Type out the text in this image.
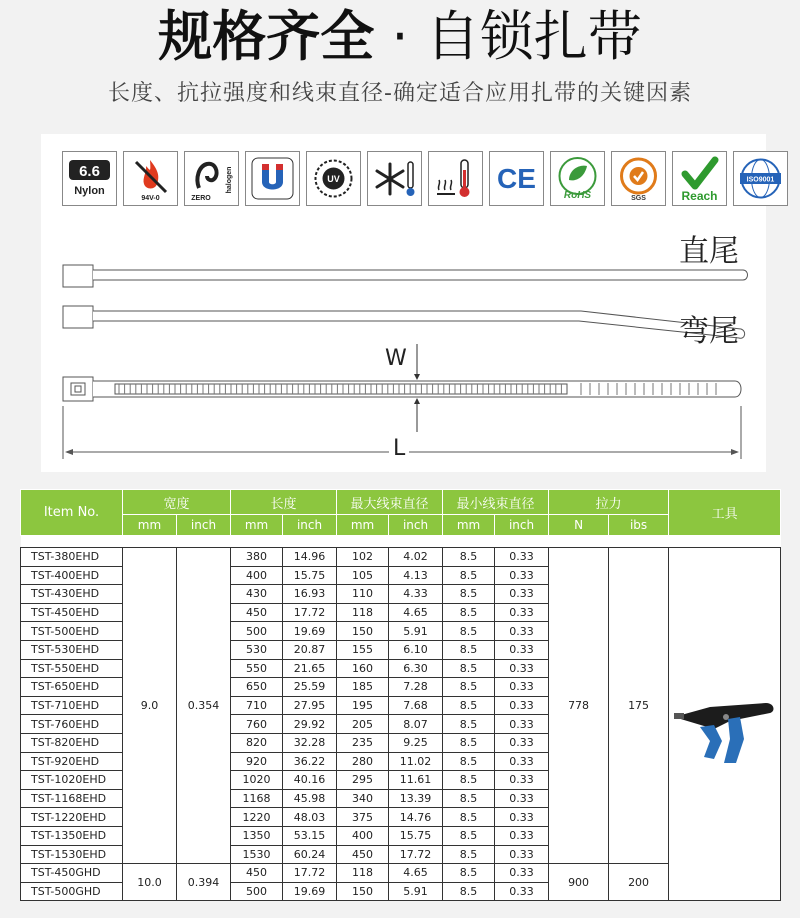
规格齐全 · 自锁扎带
长度、抗拉强度和线束直径-确定适合应用扎带的关键因素
6.6
Nylon
94V-0	ZERO
halogen	UV	CE
RoHS	SGS	Reach
ISO9001
直尾
弯尾
W
L
Item No.	宽度		长度		最大线束直径		最小线束直径		拉力		工具
	mm	inch	mm	inch	mm	inch	mm	inch	N	ibs	

TST-380EHD	9.0	0.354	380	14.96	102	4.02	8.5	0.33	778	175	

TST-400EHD			400	15.75	105	4.13	8.5	0.33			
TST-430EHD			430	16.93	110	4.33	8.5	0.33			
TST-450EHD			450	17.72	118	4.65	8.5	0.33			
TST-500EHD			500	19.69	150	5.91	8.5	0.33			
TST-530EHD			530	20.87	155	6.10	8.5	0.33			
TST-550EHD			550	21.65	160	6.30	8.5	0.33			
TST-650EHD			650	25.59	185	7.28	8.5	0.33			
TST-710EHD			710	27.95	195	7.68	8.5	0.33			
TST-760EHD			760	29.92	205	8.07	8.5	0.33			
TST-820EHD			820	32.28	235	9.25	8.5	0.33			
TST-920EHD			920	36.22	280	11.02	8.5	0.33			
TST-1020EHD			1020	40.16	295	11.61	8.5	0.33			
TST-1168EHD			1168	45.98	340	13.39	8.5	0.33			
TST-1220EHD			1220	48.03	375	14.76	8.5	0.33			
TST-1350EHD			1350	53.15	400	15.75	8.5	0.33			
TST-1530EHD			1530	60.24	450	17.72	8.5	0.33			
TST-450GHD	10.0	0.394	450	17.72	118	4.65	8.5	0.33	900	200	
TST-500GHD			500	19.69	150	5.91	8.5	0.33			
